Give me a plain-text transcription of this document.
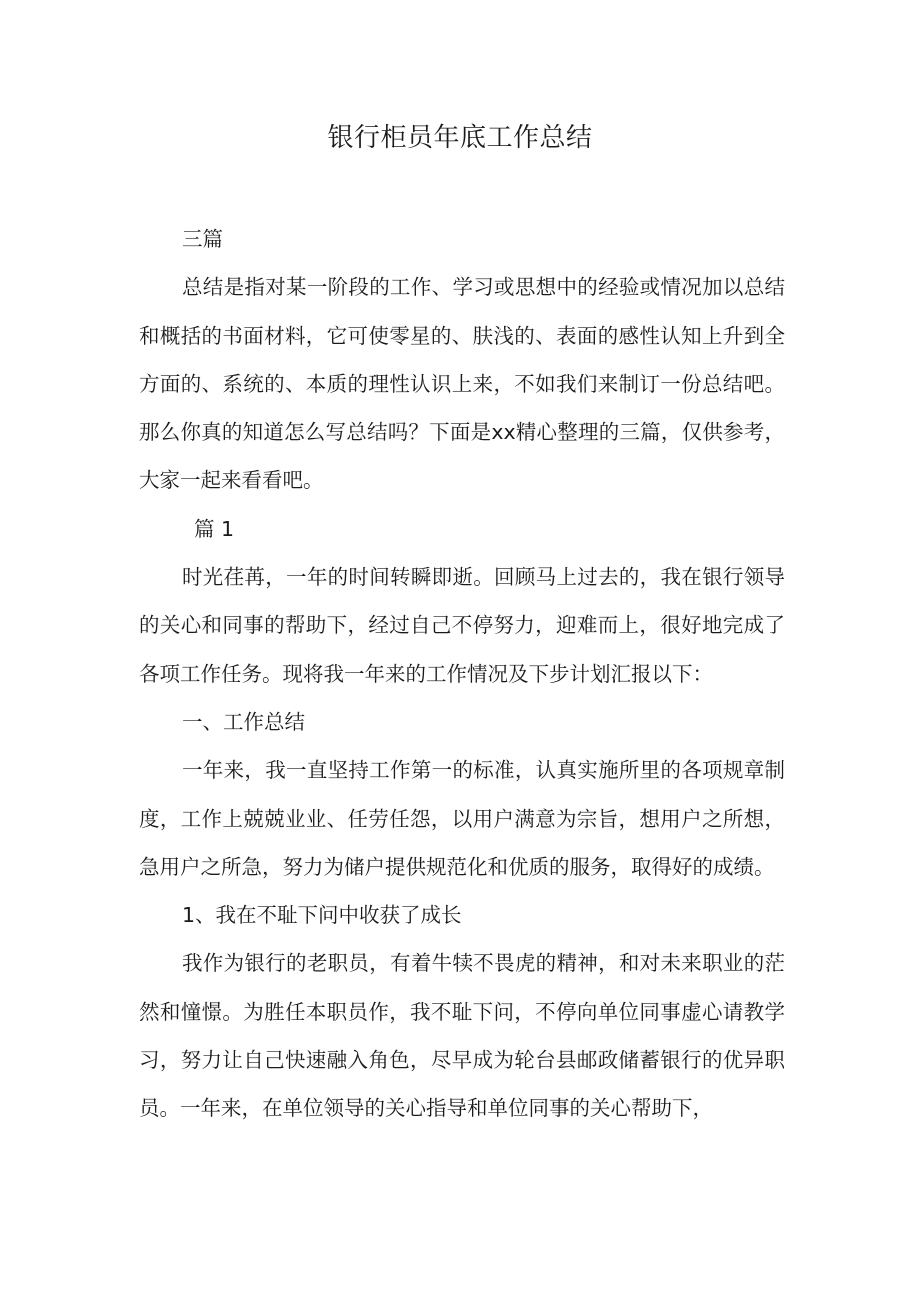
银行柜员年底工作总结

三篇

总结是指对某一阶段的工作、学习或思想中的经验或情况加以总结和概括的书面材料，它可使零星的、肤浅的、表面的感性认知上升到全方面的、系统的、本质的理性认识上来，不如我们来制订一份总结吧。那么你真的知道怎么写总结吗？下面是xx精心整理的三篇，仅供参考，大家一起来看看吧。

篇 1

时光荏苒，一年的时间转瞬即逝。回顾马上过去的，我在银行领导的关心和同事的帮助下，经过自己不停努力，迎难而上，很好地完成了各项工作任务。现将我一年来的工作情况及下步计划汇报以下：

一、工作总结

一年来，我一直坚持工作第一的标准，认真实施所里的各项规章制度，工作上兢兢业业、任劳任怨，以用户满意为宗旨，想用户之所想，急用户之所急，努力为储户提供规范化和优质的服务，取得好的成绩。

1、我在不耻下问中收获了成长

我作为银行的老职员，有着牛犊不畏虎的精神，和对未来职业的茫然和憧憬。为胜任本职员作，我不耻下问，不停向单位同事虚心请教学习，努力让自己快速融入角色，尽早成为轮台县邮政储蓄银行的优异职员。一年来，在单位领导的关心指导和单位同事的关心帮助下，
